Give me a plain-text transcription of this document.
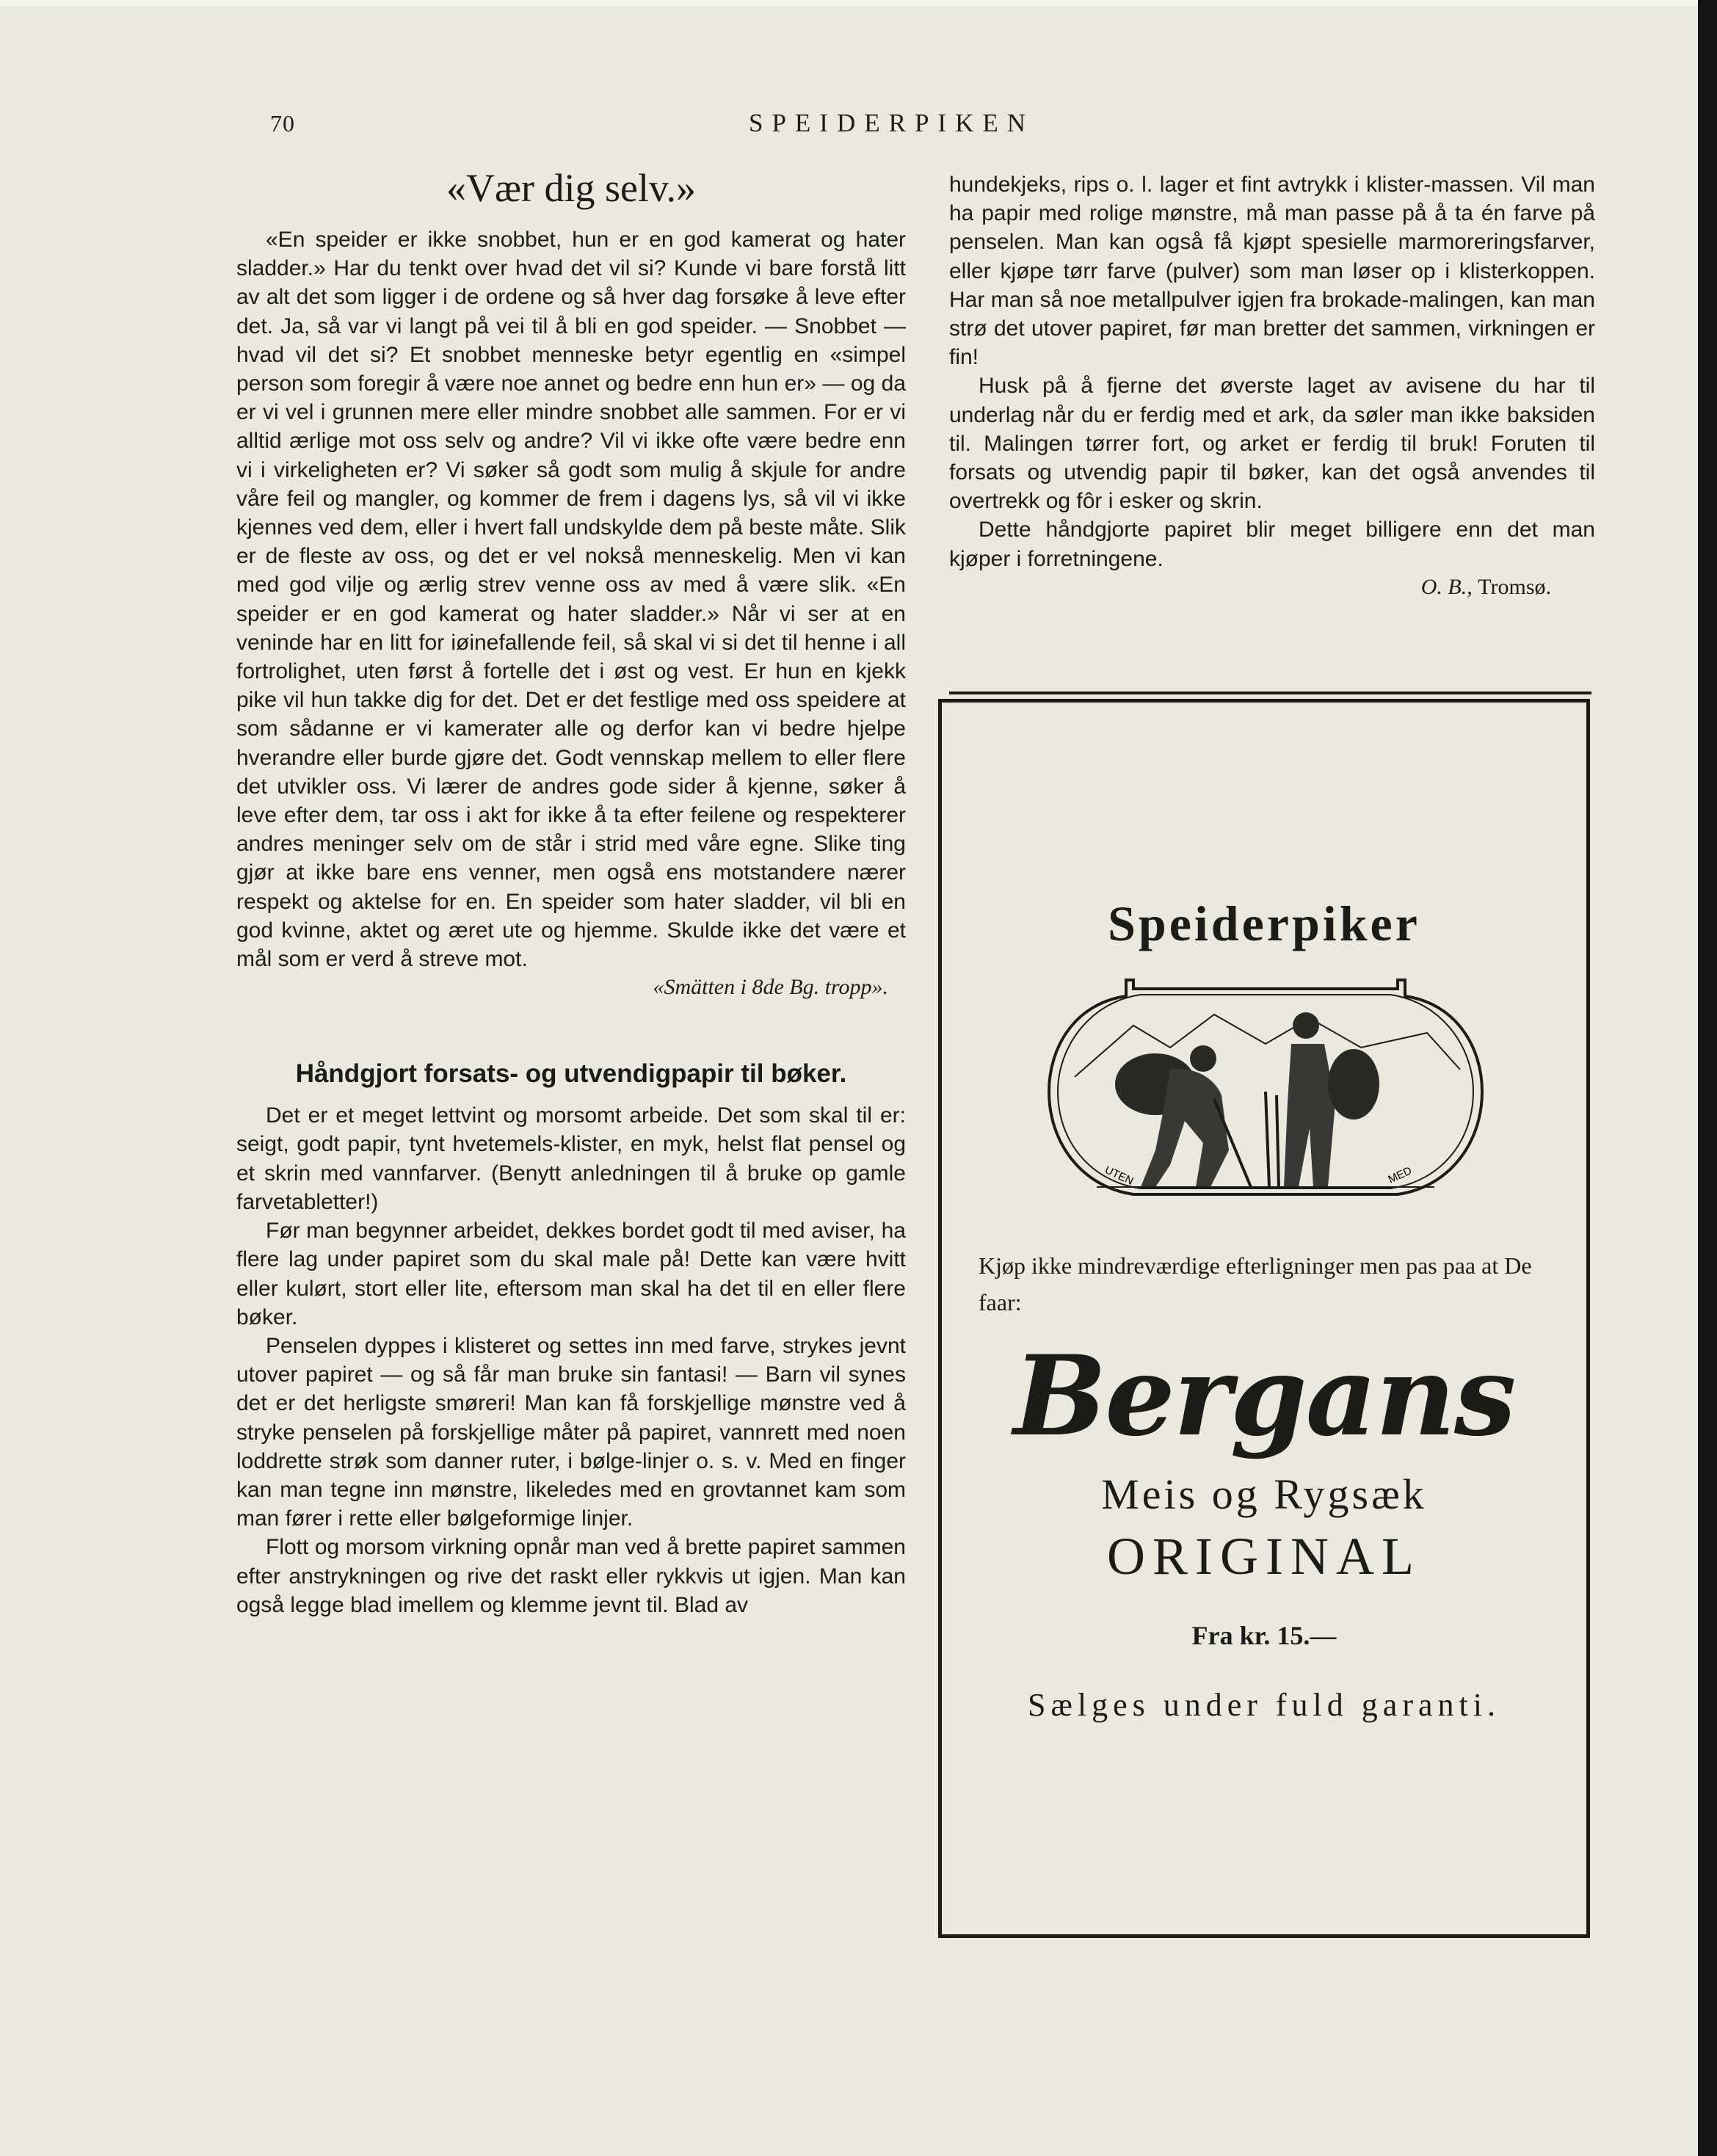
70	SPEIDERPIKEN
«Vær dig selv.»

«En speider er ikke snobbet, hun er en god kamerat og hater sladder.» Har du tenkt over hvad det vil si? Kunde vi bare forstå litt av alt det som ligger i de ordene og så hver dag forsøke å leve efter det. Ja, så var vi langt på vei til å bli en god speider. — Snobbet — hvad vil det si? Et snobbet menneske betyr egentlig en «simpel person som foregir å være noe annet og bedre enn hun er» — og da er vi vel i grunnen mere eller mindre snobbet alle sammen. For er vi alltid ærlige mot oss selv og andre? Vil vi ikke ofte være bedre enn vi i virkeligheten er? Vi søker så godt som mulig å skjule for andre våre feil og mangler, og kommer de frem i dagens lys, så vil vi ikke kjennes ved dem, eller i hvert fall undskylde dem på beste måte. Slik er de fleste av oss, og det er vel nokså menneskelig. Men vi kan med god vilje og ærlig strev venne oss av med å være slik. «En speider er en god kamerat og hater sladder.» Når vi ser at en veninde har en litt for iøinefallende feil, så skal vi si det til henne i all fortrolighet, uten først å fortelle det i øst og vest. Er hun en kjekk pike vil hun takke dig for det. Det er det festlige med oss speidere at som sådanne er vi kamerater alle og derfor kan vi bedre hjelpe hverandre eller burde gjøre det. Godt vennskap mellem to eller flere det utvikler oss. Vi lærer de andres gode sider å kjenne, søker å leve efter dem, tar oss i akt for ikke å ta efter feilene og respekterer andres meninger selv om de står i strid med våre egne. Slike ting gjør at ikke bare ens venner, men også ens motstandere nærer respekt og aktelse for en. En speider som hater sladder, vil bli en god kvinne, aktet og æret ute og hjemme. Skulde ikke det være et mål som er verd å streve mot.

«Smätten i 8de Bg. tropp».
Håndgjort forsats- og utvendigpapir til bøker.

Det er et meget lettvint og morsomt arbeide. Det som skal til er: seigt, godt papir, tynt hvetemels-klister, en myk, helst flat pensel og et skrin med vannfarver. (Benytt anledningen til å bruke op gamle farvetabletter!)

Før man begynner arbeidet, dekkes bordet godt til med aviser, ha flere lag under papiret som du skal male på! Dette kan være hvitt eller kulørt, stort eller lite, eftersom man skal ha det til en eller flere bøker.

Penselen dyppes i klisteret og settes inn med farve, strykes jevnt utover papiret — og så får man bruke sin fantasi! — Barn vil synes det er det herligste smøreri! Man kan få forskjellige mønstre ved å stryke penselen på forskjellige måter på papiret, vannrett med noen loddrette strøk som danner ruter, i bølge-linjer o. s. v. Med en finger kan man tegne inn mønstre, likeledes med en grovtannet kam som man fører i rette eller bølgeformige linjer.

Flott og morsom virkning opnår man ved å brette papiret sammen efter anstrykningen og rive det raskt eller rykkvis ut igjen. Man kan også legge blad imellem og klemme jevnt til. Blad av

hundekjeks, rips o. l. lager et fint avtrykk i klister-massen. Vil man ha papir med rolige mønstre, må man passe på å ta én farve på penselen. Man kan også få kjøpt spesielle marmoreringsfarver, eller kjøpe tørr farve (pulver) som man løser op i klisterkoppen. Har man så noe metallpulver igjen fra brokade-malingen, kan man strø det utover papiret, før man bretter det sammen, virkningen er fin!

Husk på å fjerne det øverste laget av avisene du har til underlag når du er ferdig med et ark, da søler man ikke baksiden til. Malingen tørrer fort, og arket er ferdig til bruk! Foruten til forsats og utvendig papir til bøker, kan det også anvendes til overtrekk og fôr i esker og skrin.

Dette håndgjorte papiret blir meget billigere enn det man kjøper i forretningene.

O. B., Tromsø.
Speiderpiker
UTEN	MED
Kjøp ikke mindreværdige efterligninger men pas paa at De faar:
Bergans
Meis og Rygsæk
ORIGINAL
Fra kr. 15.—
Sælges under fuld garanti.
